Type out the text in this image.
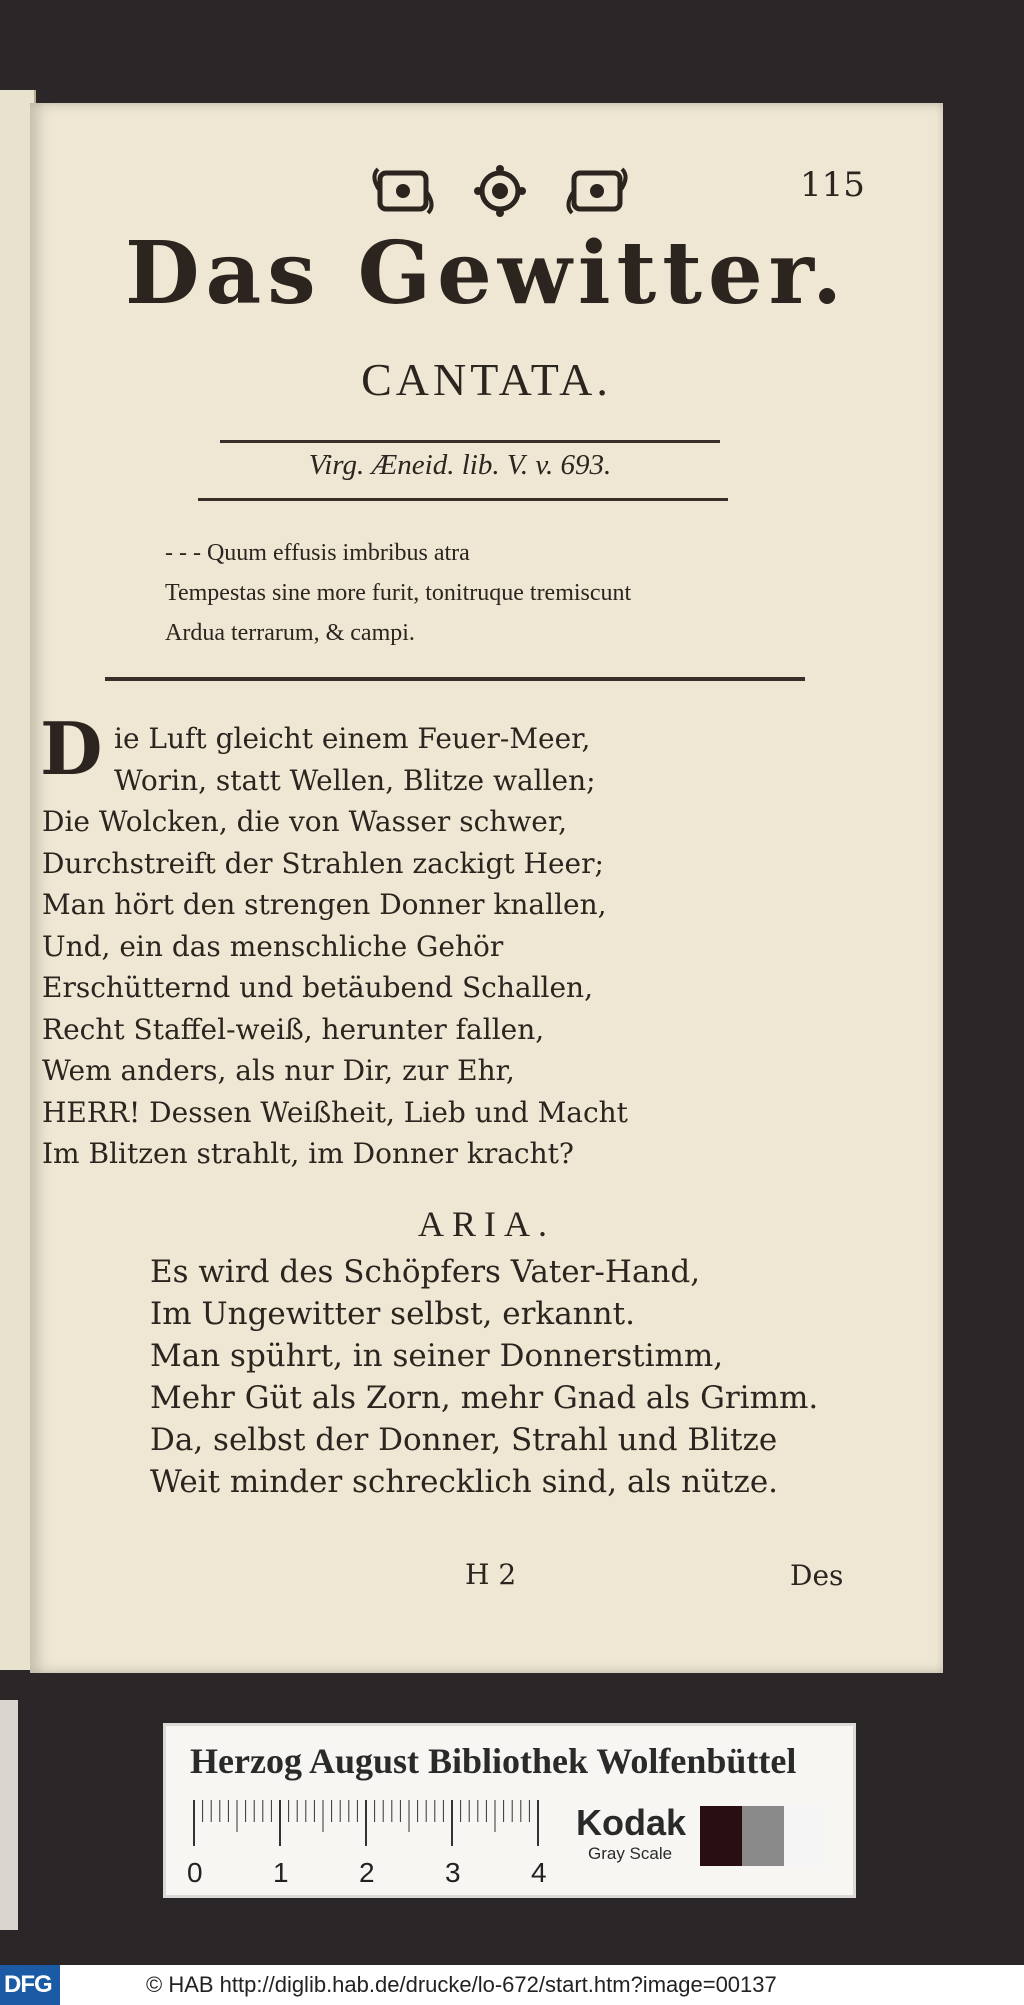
115
Das Gewitter.
CANTATA.
Virg. Æneid. lib. V. v. 693.
- - - Quum effusis imbribus atra
Tempestas sine more furit, tonitruque tremiscunt
Ardua terrarum, & campi.
D ie Luft gleicht einem Feuer-Meer,
Worin, statt Wellen, Blitze wallen;
Die Wolcken, die von Wasser schwer,
Durchstreift der Strahlen zackigt Heer;
Man hört den strengen Donner knallen,
Und, ein das menschliche Gehör
Erschütternd und betäubend Schallen,
Recht Staffel-weiß, herunter fallen,
Wem anders, als nur Dir, zur Ehr,
HERR! Dessen Weißheit, Lieb und Macht
Im Blitzen strahlt, im Donner kracht?
ARIA.
Es wird des Schöpfers Vater-Hand,
Im Ungewitter selbst, erkannt.
Man spührt, in seiner Donnerstimm,
Mehr Güt als Zorn, mehr Gnad als Grimm.
Da, selbst der Donner, Strahl und Blitze
Weit minder schrecklich sind, als nütze.
H 2	Des
Herzog August Bibliothek Wolfenbüttel
0	1	2	3	4
Kodak
Gray Scale
DFG	© HAB http://diglib.hab.de/drucke/lo-672/start.htm?image=00137
